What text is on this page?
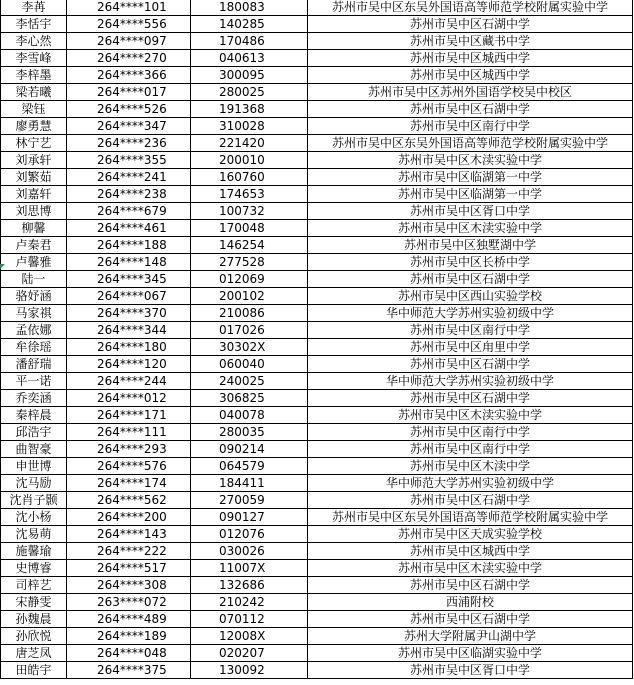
李苒	264****101	180083	苏州市吴中区东吴外国语高等师范学校附属实验中学
李恬宇	264****556	140285	苏州市吴中区石湖中学
李心然	264****097	170486	苏州市吴中区藏书中学
李雪峰	264****270	040613	苏州市吴中区城西中学
李梓墨	264****366	300095	苏州市吴中区城西中学
梁若曦	264****017	280025	苏州市吴中区苏州外国语学校吴中校区
梁钰	264****526	191368	苏州市吴中区石湖中学
廖勇慧	264****347	310028	苏州市吴中区南行中学
林宁艺	264****236	221420	苏州市吴中区东吴外国语高等师范学校附属实验中学
刘承轩	264****355	200010	苏州市吴中区木渎实验中学
刘繁茹	264****241	160760	苏州市吴中区临湖第一中学
刘嘉轩	264****238	174653	苏州市吴中区临湖第一中学
刘思博	264****679	100732	苏州市吴中区胥口中学
柳馨	264****461	170048	苏州市吴中区木渎实验中学
卢秦君	264****188	146254	苏州市吴中区独墅湖中学
卢馨雅	264****148	277528	苏州市吴中区长桥中学
陆一	264****345	012069	苏州市吴中区石湖中学
骆妤涵	264****067	200102	苏州市吴中区西山实验学校
马家祺	264****370	210086	华中师范大学苏州实验初级中学
孟依娜	264****344	017026	苏州市吴中区南行中学
牟徐瑶	264****180	30302X	苏州市吴中区甪里中学
潘舒瑞	264****120	060040	苏州市吴中区石湖中学
平一诺	264****244	240025	华中师范大学苏州实验初级中学
乔奕涵	264****012	306825	苏州市吴中区石湖中学
秦梓晨	264****171	040078	苏州市吴中区木渎实验中学
邱浩宇	264****111	280035	苏州市吴中区南行中学
曲智豪	264****293	090214	苏州市吴中区南行中学
申世博	264****576	064579	苏州市吴中区木渎中学
沈马励	264****174	184411	华中师范大学苏州实验初级中学
沈肖子颢	264****562	270059	苏州市吴中区石湖中学
沈小杨	264****200	090127	苏州市吴中区东吴外国语高等师范学校附属实验中学
沈易萌	264****143	012076	苏州市吴中区天成实验学校
施馨瑜	264****222	030026	苏州市吴中区城西中学
史博睿	264****517	11007X	苏州市吴中区木渎实验中学
司梓艺	264****308	132686	苏州市吴中区石湖中学
宋静雯	263****072	210242	西浦附校
孙魏晨	264****489	070112	苏州市吴中区石湖中学
孙欣悦	264****189	12008X	苏州大学附属尹山湖中学
唐芝凤	264****048	020207	苏州市吴中区临湖实验中学
田皓宇	264****375	130092	苏州市吴中区胥口中学
